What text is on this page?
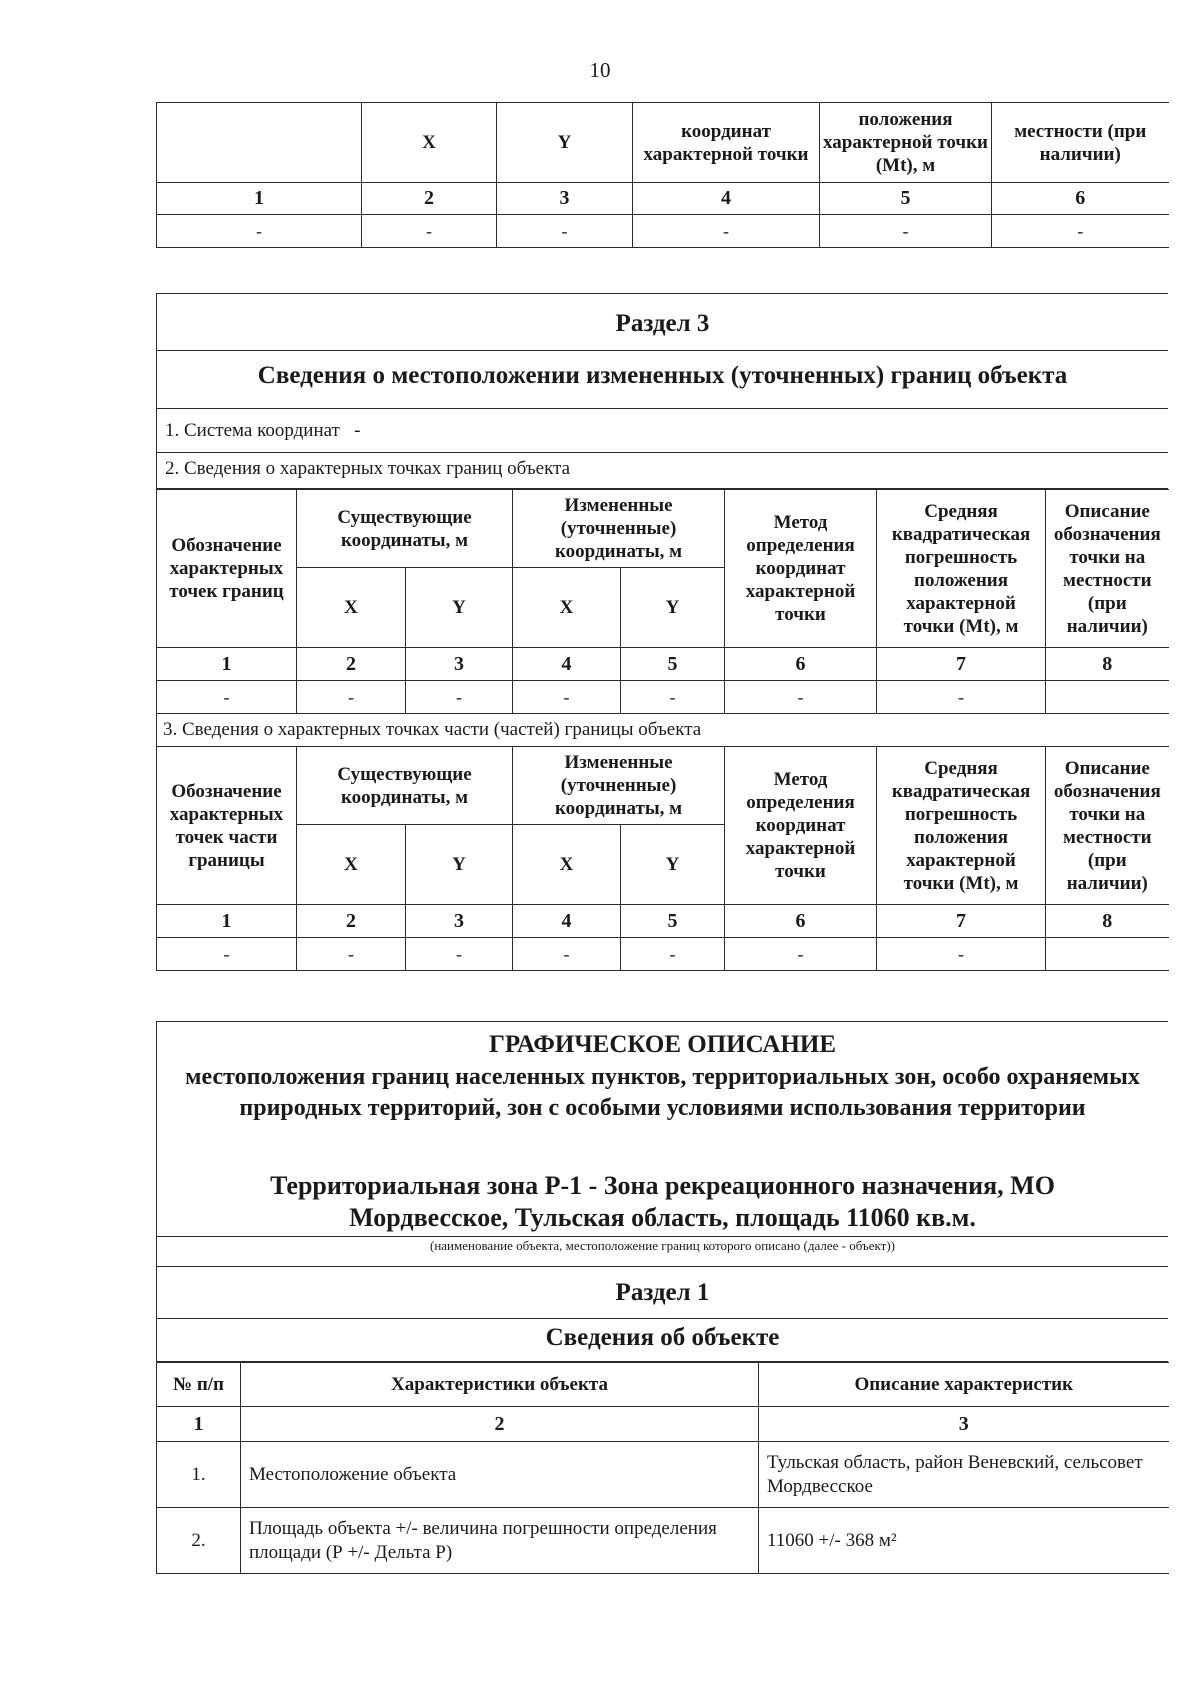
10
	X	Y	координат характерной точки	положения характерной точки (Mt), м	местности (при наличии)
1	2	3	4	5	6
-	-	-	-	-	-
Раздел 3
Сведения о местоположении измененных (уточненных) границ объекта
1. Система координат -
2. Сведения о характерных точках границ объекта
Обозначение характерных точек границ	Существующие координаты, м		Измененные (уточненные) координаты, м		Метод определения координат характерной точки	Средняя квадратическая погрешность положения характерной точки (Mt), м	Описание обозначения точки на местности (при наличии)
	X	Y	X	Y			
1	2	3	4	5	6	7	8
-	-	-	-	-	-	-	
3. Сведения о характерных точках части (частей) границы объекта							
Обозначение характерных точек части границы	Существующие координаты, м		Измененные (уточненные) координаты, м		Метод определения координат характерной точки	Средняя квадратическая погрешность положения характерной точки (Mt), м	Описание обозначения точки на местности (при наличии)
	X	Y	X	Y			
1	2	3	4	5	6	7	8
-	-	-	-	-	-	-	
ГРАФИЧЕСКОЕ ОПИСАНИЕ
местоположения границ населенных пунктов, территориальных зон, особо охраняемых природных территорий, зон с особыми условиями использования территории
Территориальная зона Р-1 - Зона рекреационного назначения, МО Мордвесское, Тульская область, площадь 11060 кв.м.
(наименование объекта, местоположение границ которого описано (далее - объект))
Раздел 1
Сведения об объекте
№ п/п	Характеристики объекта	Описание характеристик
1	2	3
1.	Местоположение объекта	Тульская область, район Веневский, сельсовет Мордвесское
2.	Площадь объекта +/- величина погрешности определения площади (Р +/- Дельта Р)	11060 +/- 368 м²
